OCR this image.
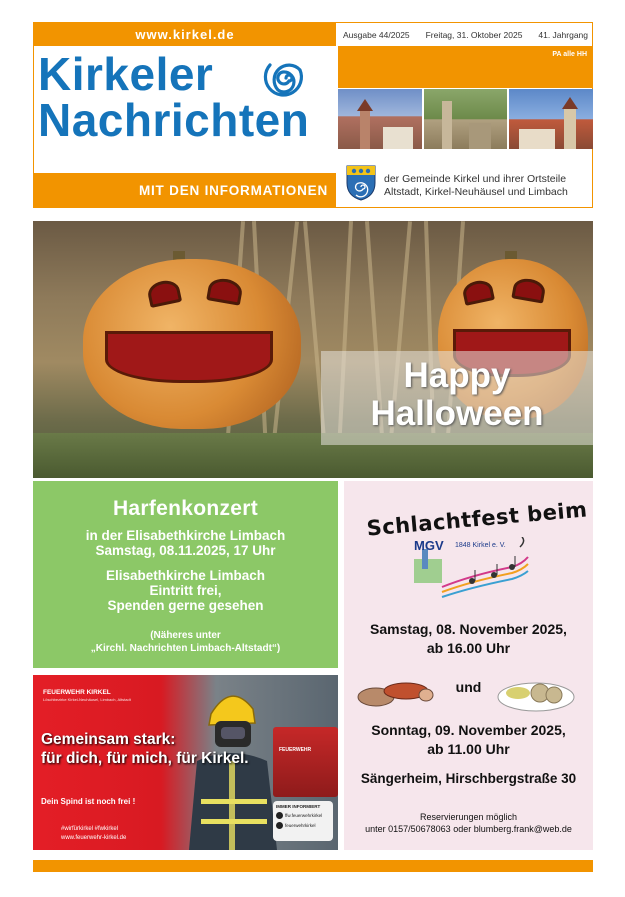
www.kirkel.de
Kirkeler
Nachrichten
Ausgabe 44/2025 Freitag, 31. Oktober 2025 41. Jahrgang
PA alle HH
MIT DEN INFORMATIONEN
der Gemeinde Kirkel und ihrer Ortsteile
Altstadt, Kirkel-Neuhäusel und Limbach
Happy
Halloween
Harfenkonzert
in der Elisabethkirche Limbach
Samstag, 08.11.2025, 17 Uhr
Elisabethkirche Limbach
Eintritt frei,
Spenden gerne gesehen
(Näheres unter
„Kirchl. Nachrichten Limbach-Altstadt“)
Schlachtfest beim
MGV 1848 Kirkel e. V.
Samstag, 08. November 2025,
ab 16.00 Uhr
und
Sonntag, 09. November 2025,
ab 11.00 Uhr
Sängerheim, Hirschbergstraße 30
Reservierungen möglich
unter 0157/50678063 oder blumberg.frank@web.de
FEUERWEHR KIRKEL
Löschbezirke Kirkel-Neuhäusel, Limbach, Altstadt
FEUERWEHR
Gemeinsam stark:
für dich, für mich, für Kirkel.
Dein Spind ist noch frei !
#wirfürkirkel #fwkirkel
www.feuerwehr-kirkel.de
IMMER INFORMIERT
ffw.feuerwehrkirkel
feuerwehrkirkel
